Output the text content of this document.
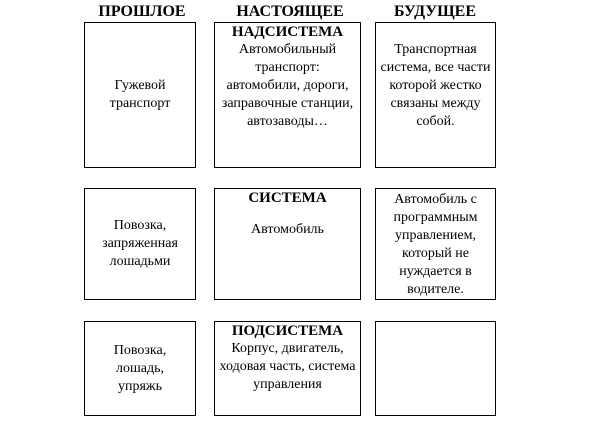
ПРОШЛОЕ	НАСТОЯЩЕЕ	БУДУЩЕЕ
Гужевой транспорт
НАДСИСТЕМА
Автомобильный транспорт: автомобили, дороги, заправочные станции, автозаводы…
Транспортная система, все части которой жестко связаны между собой.
Повозка, запряженная лошадьми
СИСТЕМА
Автомобиль
Автомобиль с программным управлением, который не нуждается в водителе.
Повозка, лошадь, упряжь
ПОДСИСТЕМА
Корпус, двигатель, ходовая часть, система управления
